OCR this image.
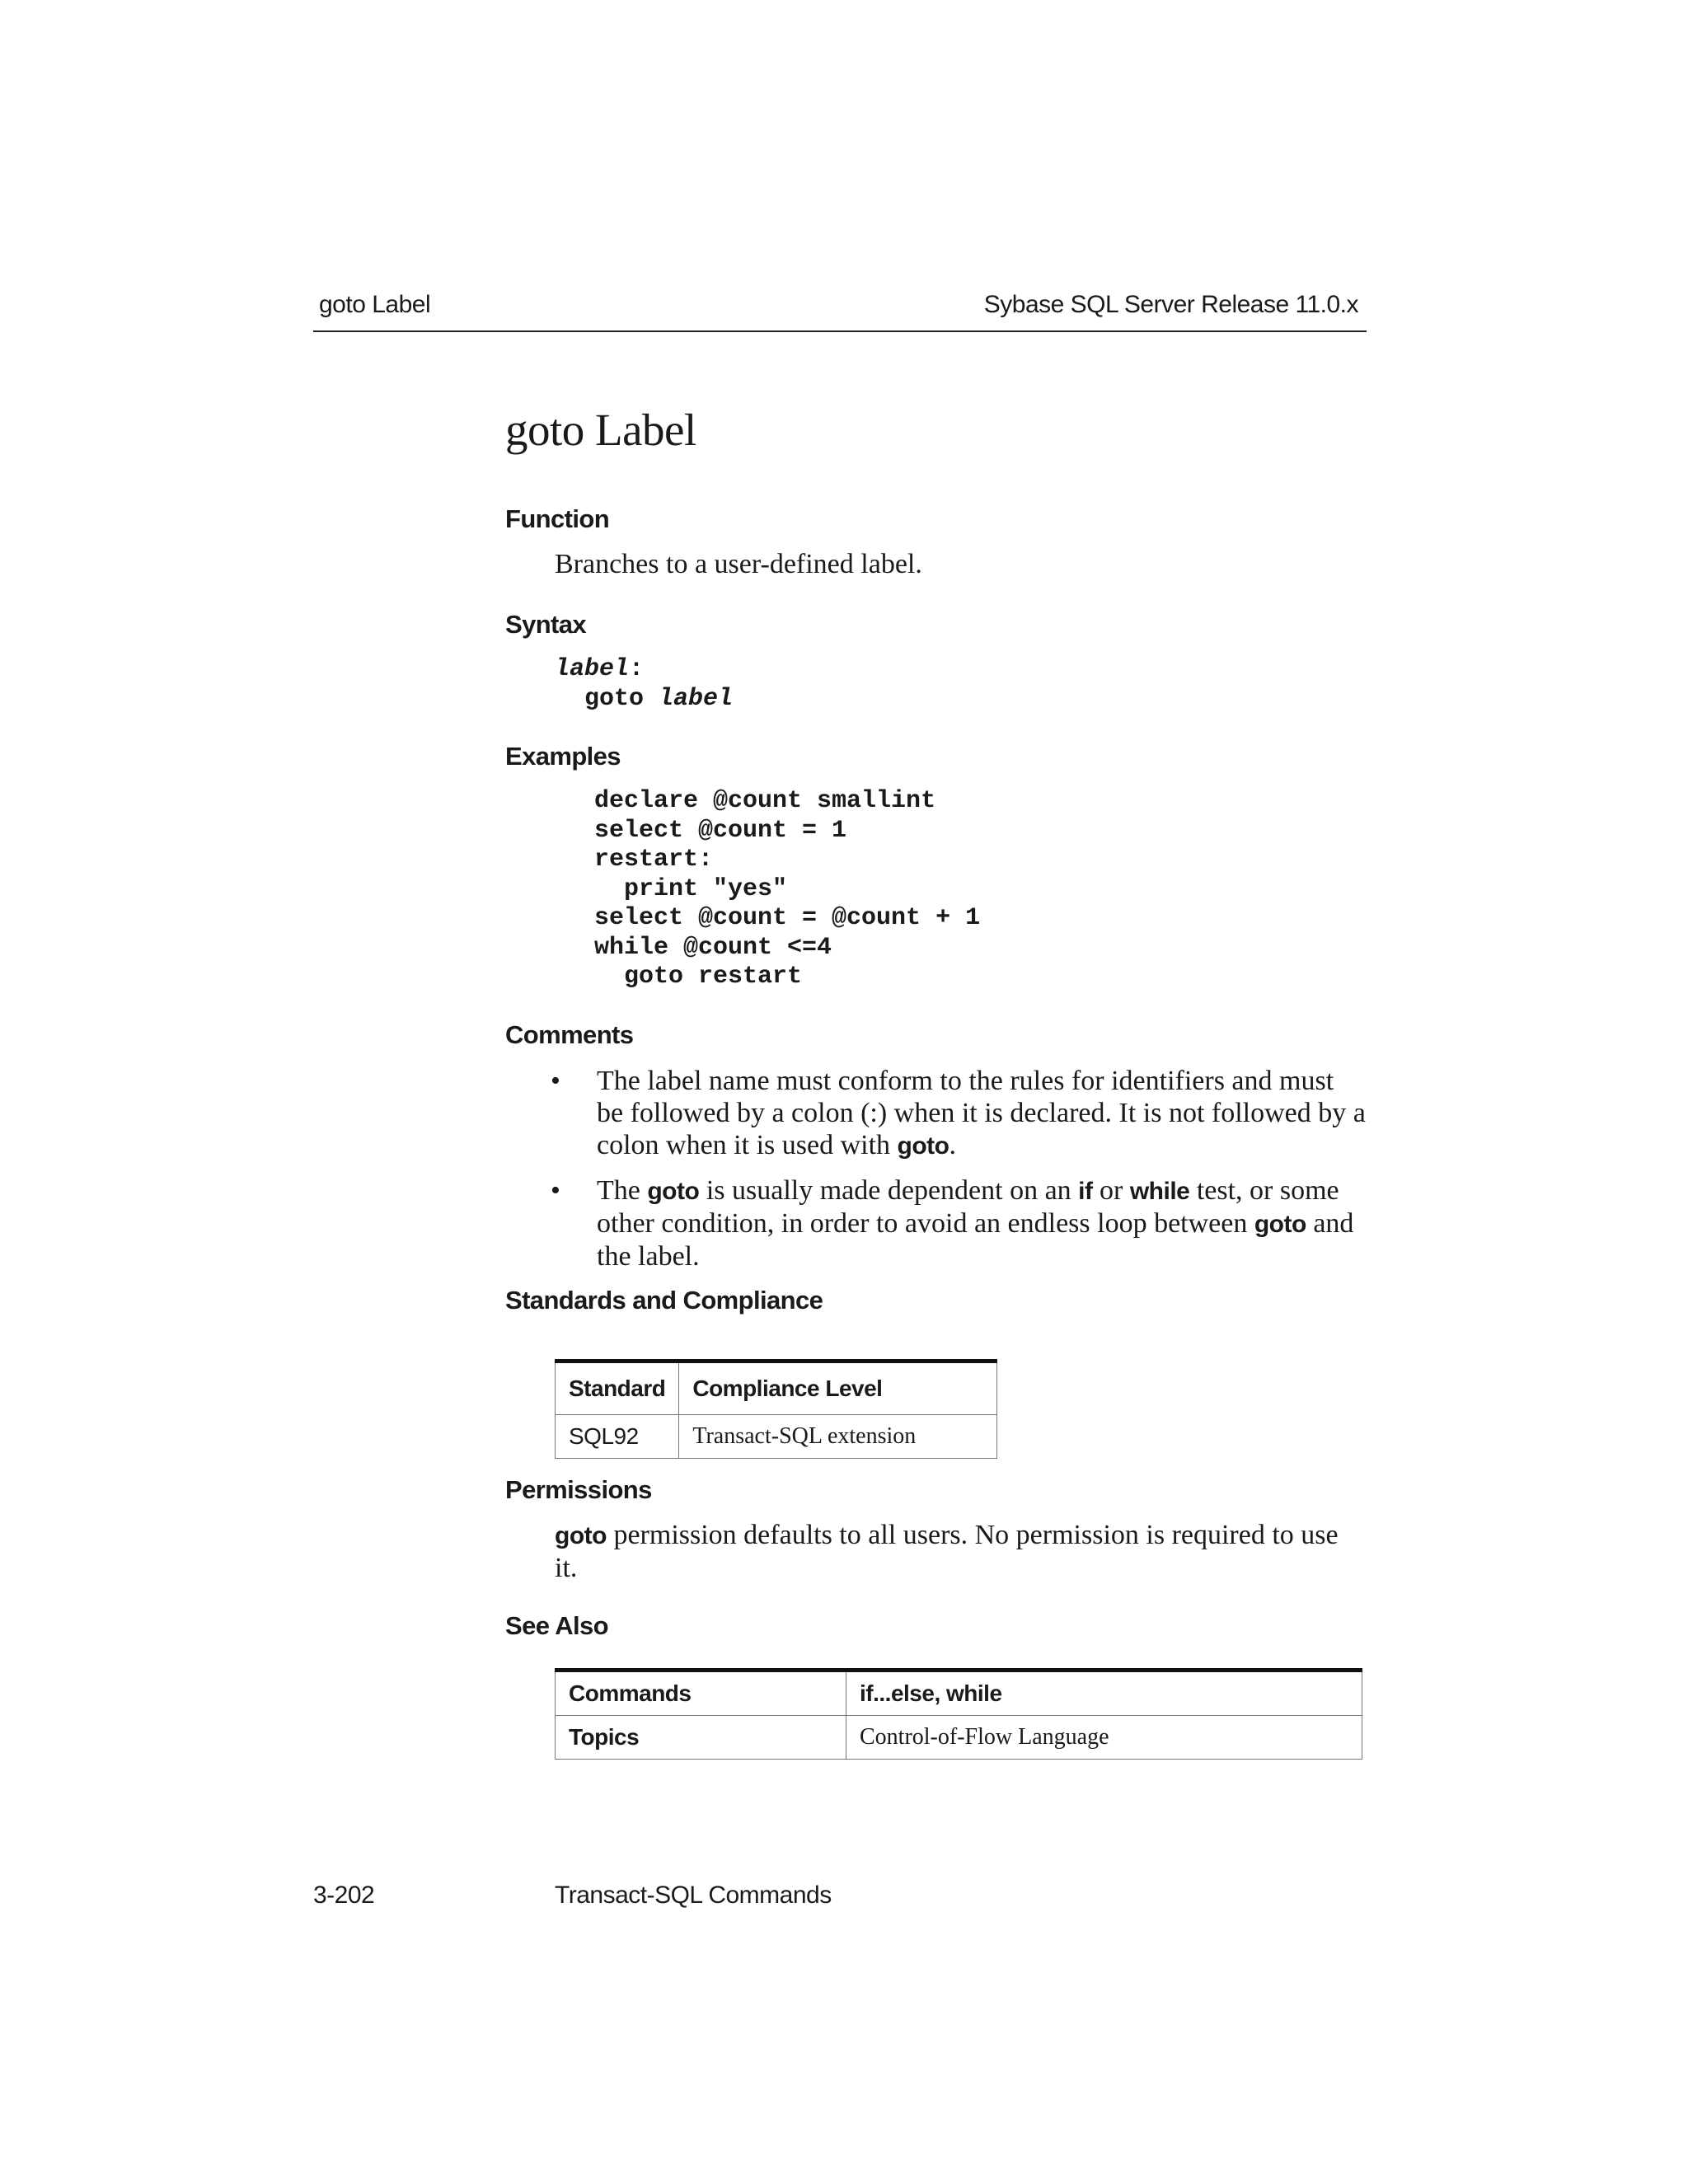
goto Label	Sybase SQL Server Release 11.0.x
goto Label
Function
Branches to a user-defined label.
Syntax
label:
goto label
Examples
declare @count smallint
select @count = 1
restart:
print "yes"
select @count = @count + 1
while @count <=4
goto restart
Comments
• The label name must conform to the rules for identifiers and must be followed by a colon (:) when it is declared. It is not followed by a colon when it is used with goto.
• The goto is usually made dependent on an if or while test, or some other condition, in order to avoid an endless loop between goto and the label.
Standards and Compliance
Standard	Compliance Level
SQL92	Transact-SQL extension
Permissions
goto permission defaults to all users. No permission is required to use it.
See Also
Commands	if...else, while
Topics	Control-of-Flow Language
3-202	Transact-SQL Commands
